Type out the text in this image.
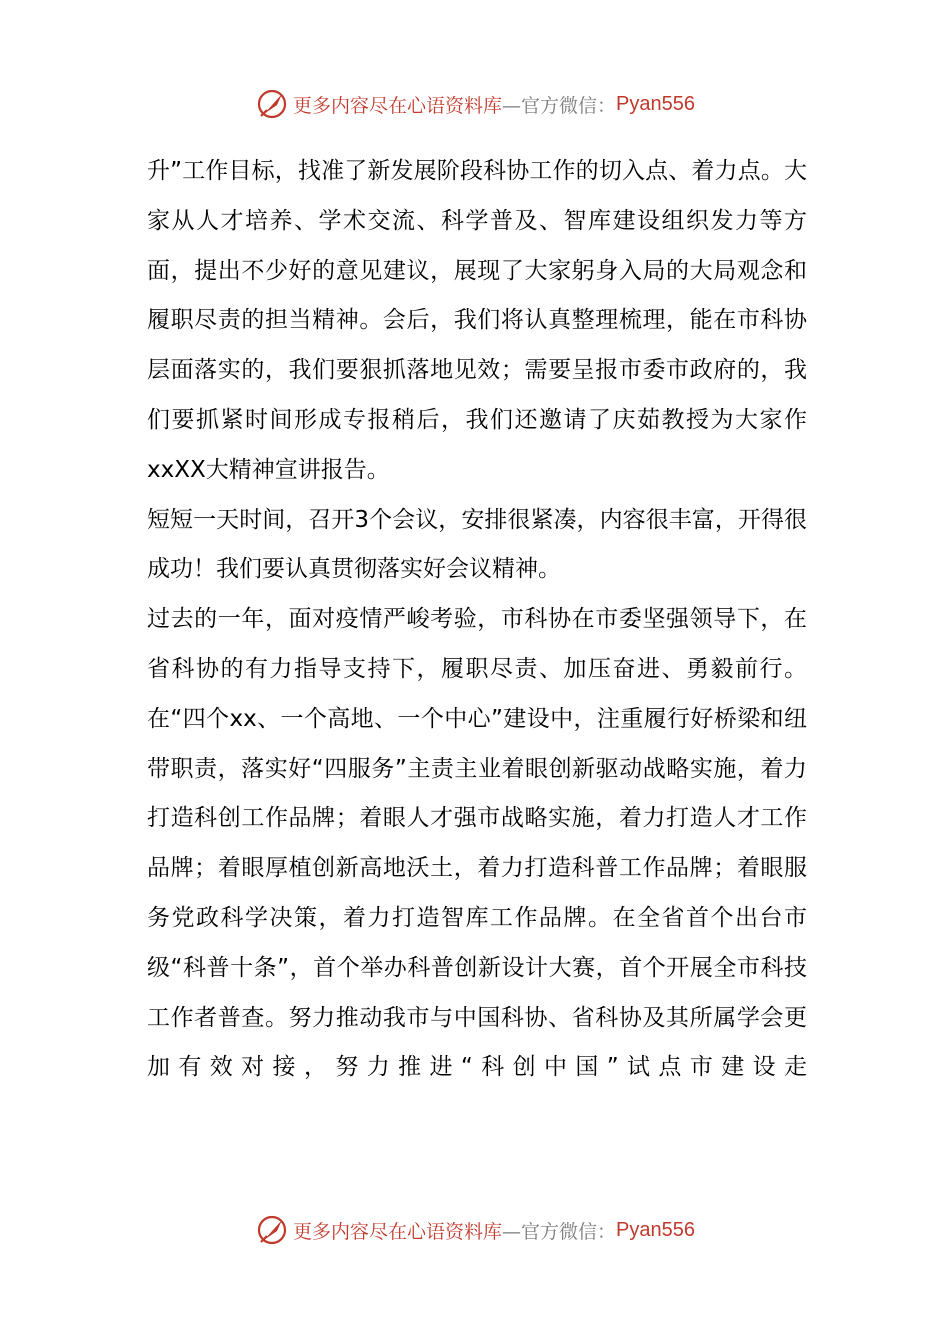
更多内容尽在心语资料库 —官方微信： Pyan556

升”工作目标，找准了新发展阶段科协工作的切入点、着力点。大家从人才培养、学术交流、科学普及、智库建设组织发力等方面，提出不少好的意见建议，展现了大家躬身入局的大局观念和履职尽责的担当精神。会后，我们将认真整理梳理，能在市科协层面落实的，我们要狠抓落地见效；需要呈报市委市政府的，我们要抓紧时间形成专报稍后，我们还邀请了庆茹教授为大家作xxXX大精神宣讲报告。

短短一天时间，召开3个会议，安排很紧凑，内容很丰富，开得很成功！我们要认真贯彻落实好会议精神。

过去的一年，面对疫情严峻考验，市科协在市委坚强领导下，在省科协的有力指导支持下，履职尽责、加压奋进、勇毅前行。在“四个xx、一个高地、一个中心”建设中，注重履行好桥梁和纽带职责，落实好“四服务”主责主业着眼创新驱动战略实施，着力打造科创工作品牌；着眼人才强市战略实施，着力打造人才工作品牌；着眼厚植创新高地沃土，着力打造科普工作品牌；着眼服务党政科学决策，着力打造智库工作品牌。在全省首个出台市级“科普十条”，首个举办科普创新设计大赛，首个开展全市科技工作者普查。努力推动我市与中国科协、省科协及其所属学会更加有效对接，努力推进“科创中国”试点市建设走

更多内容尽在心语资料库 —官方微信： Pyan556
